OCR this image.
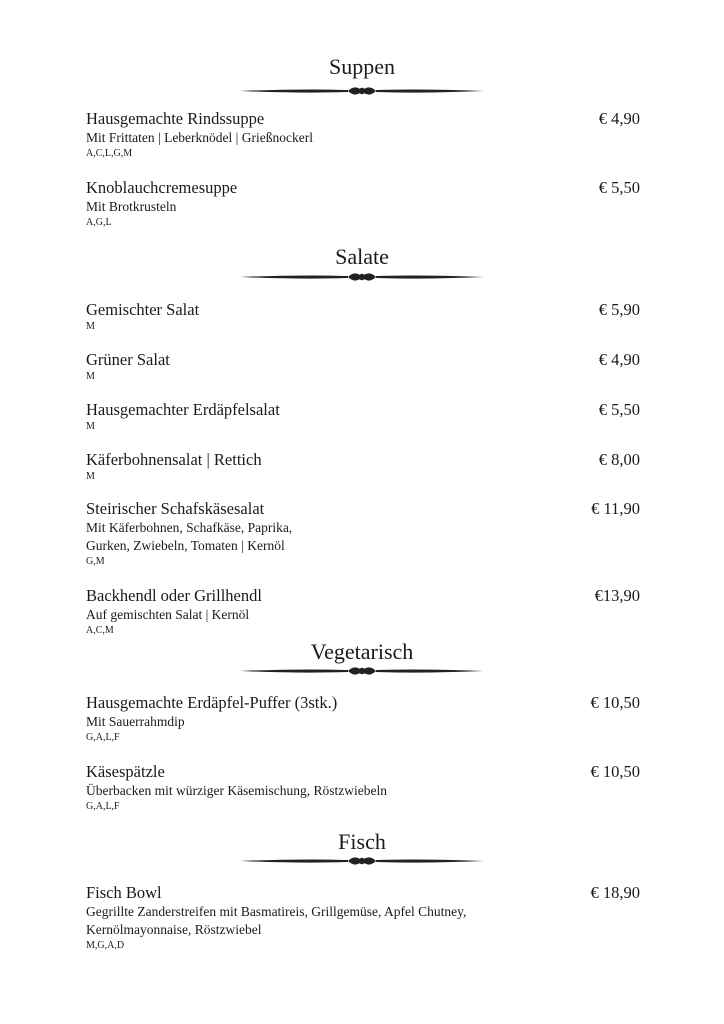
Suppen
Hausgemachte Rindssuppe	€ 4,90
Mit Frittaten | Leberknödel | Grießnockerl
A,C,L,G,M
Knoblauchcremesuppe	€ 5,50
Mit Brotkrusteln
A,G,L
Salate
Gemischter Salat	€ 5,90
M
Grüner Salat	€ 4,90
M
Hausgemachter Erdäpfelsalat	€ 5,50
M
Käferbohnensalat | Rettich	€ 8,00
M
Steirischer Schafskäsesalat	€ 11,90
Mit Käferbohnen, Schafkäse, Paprika,
Gurken, Zwiebeln, Tomaten | Kernöl
G,M
Backhendl oder Grillhendl	€13,90
Auf gemischten Salat | Kernöl
A,C,M
Vegetarisch
Hausgemachte Erdäpfel-Puffer (3stk.)	€ 10,50
Mit Sauerrahmdip
G,A,L,F
Käsespätzle	€ 10,50
Überbacken mit würziger Käsemischung, Röstzwiebeln
G,A,L,F
Fisch
Fisch Bowl	€ 18,90
Gegrillte Zanderstreifen mit Basmatireis, Grillgemüse, Apfel Chutney,
Kernölmayonnaise, Röstzwiebel
M,G,A,D
